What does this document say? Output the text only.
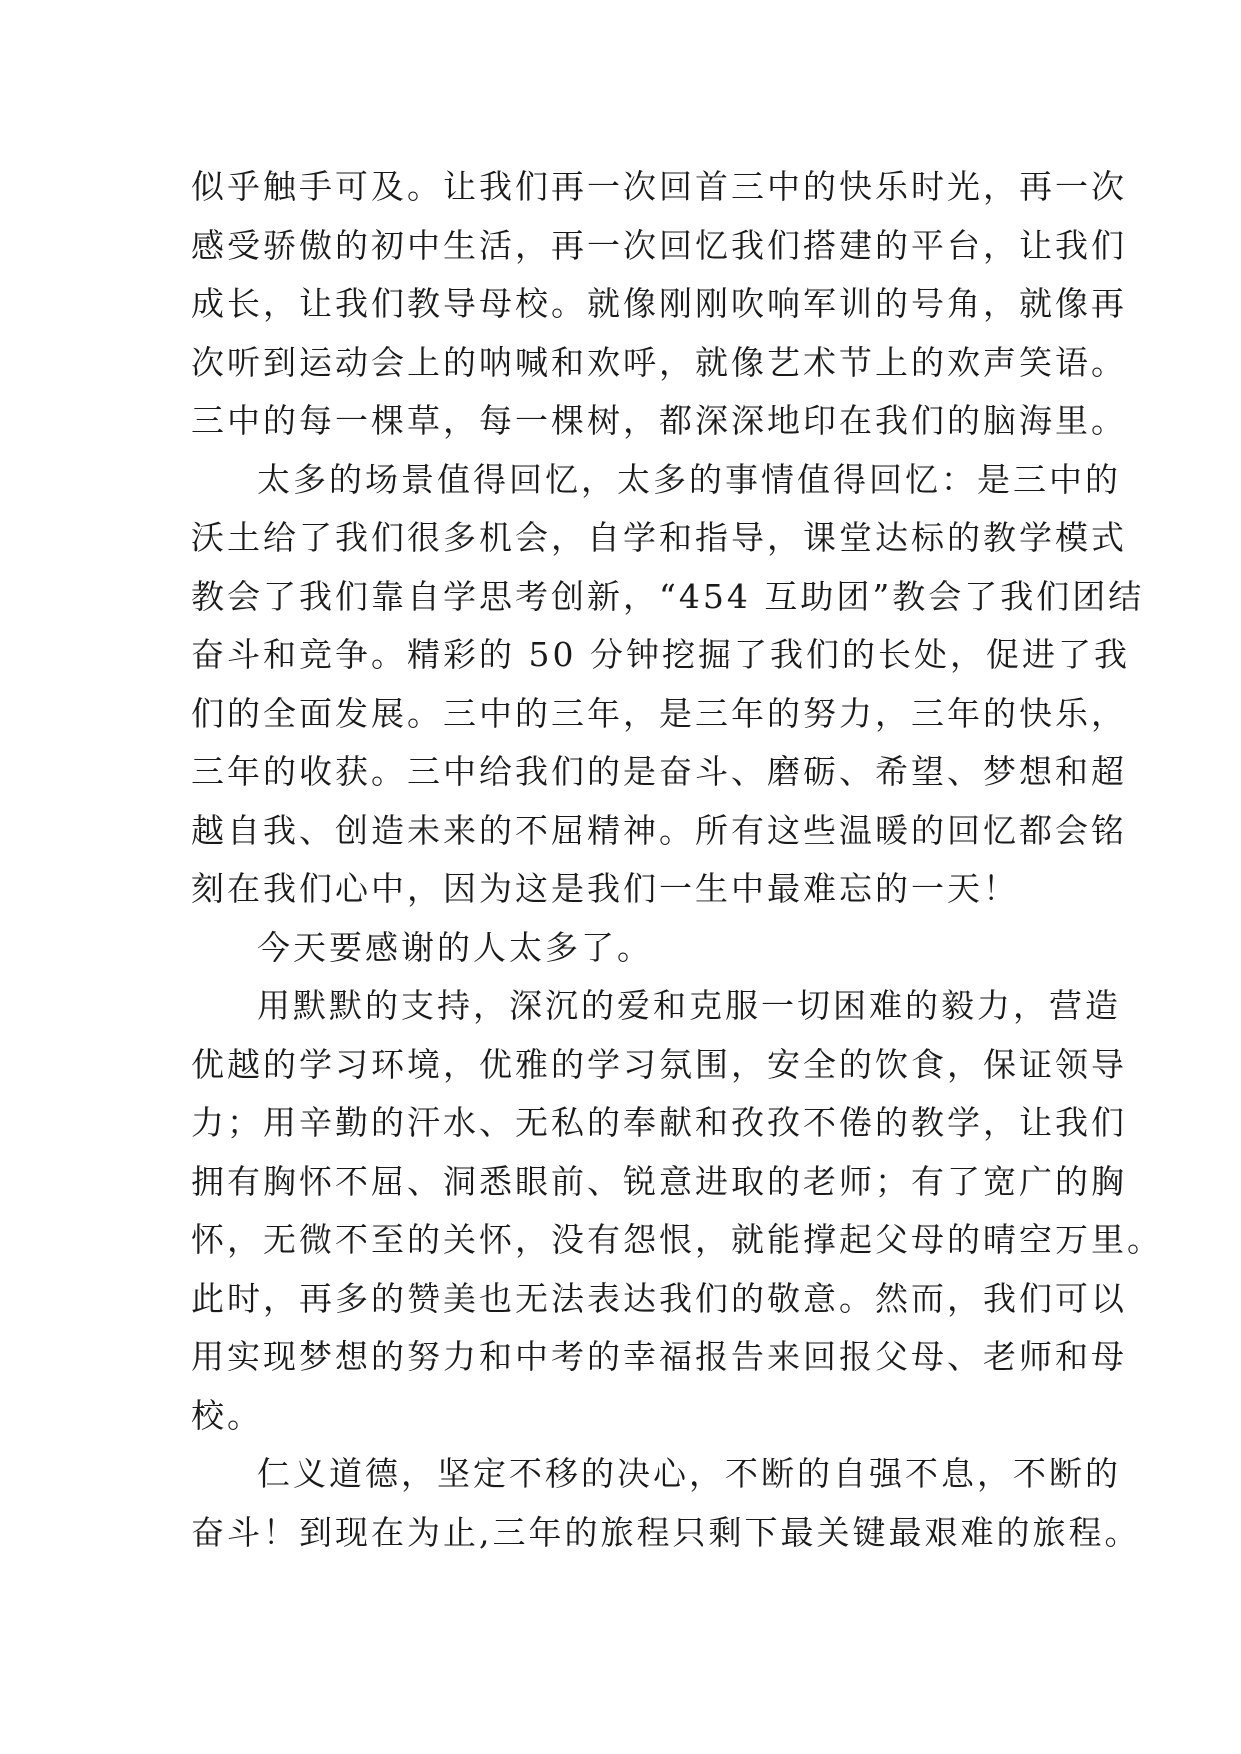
似乎触手可及。让我们再一次回首三中的快乐时光，再一次
感受骄傲的初中生活，再一次回忆我们搭建的平台，让我们
成长，让我们教导母校。就像刚刚吹响军训的号角，就像再
次听到运动会上的呐喊和欢呼，就像艺术节上的欢声笑语。
三中的每一棵草，每一棵树，都深深地印在我们的脑海里。
太多的场景值得回忆，太多的事情值得回忆：是三中的
沃土给了我们很多机会，自学和指导，课堂达标的教学模式
教会了我们靠自学思考创新，“454 互助团”教会了我们团结
奋斗和竞争。精彩的 50 分钟挖掘了我们的长处，促进了我
们的全面发展。三中的三年，是三年的努力，三年的快乐，
三年的收获。三中给我们的是奋斗、磨砺、希望、梦想和超
越自我、创造未来的不屈精神。所有这些温暖的回忆都会铭
刻在我们心中，因为这是我们一生中最难忘的一天！
今天要感谢的人太多了。
用默默的支持，深沉的爱和克服一切困难的毅力，营造
优越的学习环境，优雅的学习氛围，安全的饮食，保证领导
力；用辛勤的汗水、无私的奉献和孜孜不倦的教学，让我们
拥有胸怀不屈、洞悉眼前、锐意进取的老师；有了宽广的胸
怀，无微不至的关怀，没有怨恨，就能撑起父母的晴空万里。
此时，再多的赞美也无法表达我们的敬意。然而，我们可以
用实现梦想的努力和中考的幸福报告来回报父母、老师和母
校。
仁义道德，坚定不移的决心，不断的自强不息，不断的
奋斗！到现在为止,三年的旅程只剩下最关键最艰难的旅程。
